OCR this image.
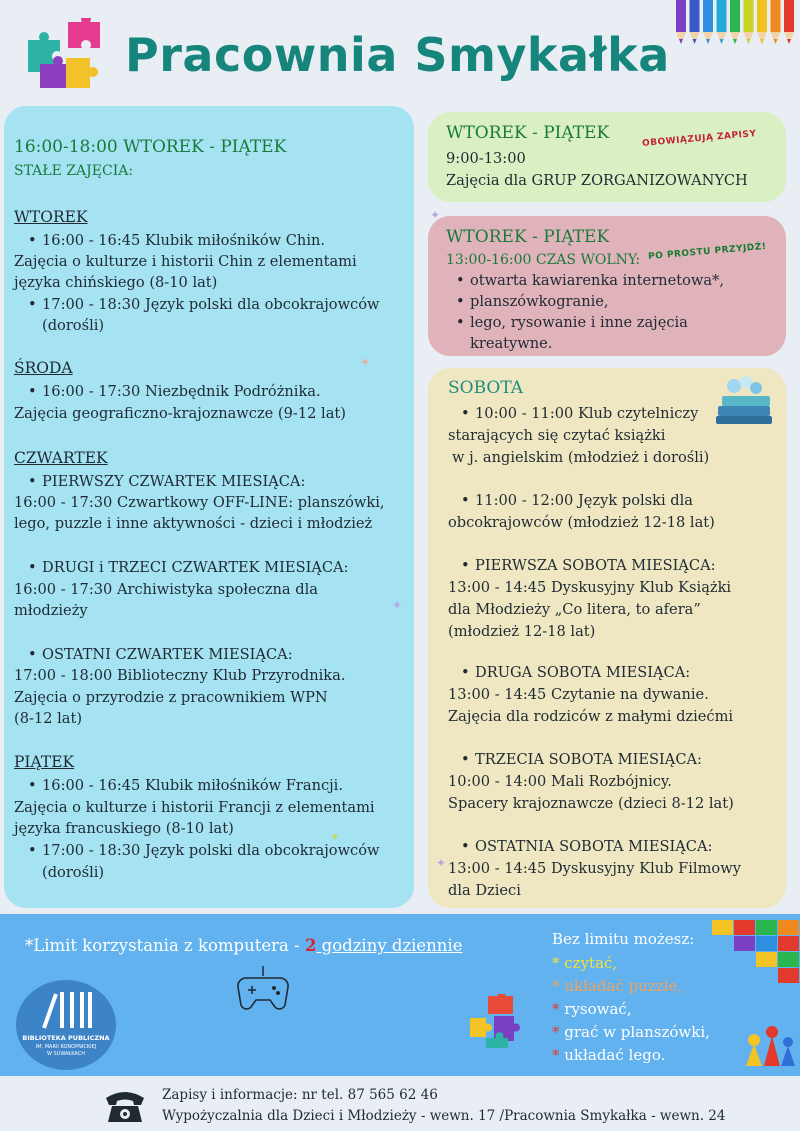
Pracownia Smykałka
16:00-18:00 WTOREK - PIĄTEK
STAŁE ZAJĘCIA:
WTOREK
• 16:00 - 16:45 Klubik miłośników Chin.
Zajęcia o kulturze i historii Chin z elementami
języka chińskiego (8-10 lat)
• 17:00 - 18:30 Język polski dla obcokrajowców
(dorośli)
ŚRODA
• 16:00 - 17:30 Niezbędnik Podróżnika.
Zajęcia geograficzno-krajoznawcze (9-12 lat)
CZWARTEK
• PIERWSZY CZWARTEK MIESIĄCA:
16:00 - 17:30 Czwartkowy OFF-LINE: planszówki,
lego, puzzle i inne aktywności - dzieci i młodzież
• DRUGI i TRZECI CZWARTEK MIESIĄCA:
16:00 - 17:30 Archiwistyka społeczna dla
młodzieży
• OSTATNI CZWARTEK MIESIĄCA:
17:00 - 18:00 Biblioteczny Klub Przyrodnika.
Zajęcia o przyrodzie z pracownikiem WPN
(8-12 lat)
PIĄTEK
• 16:00 - 16:45 Klubik miłośników Francji.
Zajęcia o kulturze i historii Francji z elementami
języka francuskiego (8-10 lat)
• 17:00 - 18:30 Język polski dla obcokrajowców
(dorośli)
WTOREK - PIĄTEK	OBOWIĄZUJĄ ZAPISY
9:00-13:00
Zajęcia dla GRUP ZORGANIZOWANYCH
WTOREK - PIĄTEK
13:00-16:00 CZAS WOLNY: PO PROSTU PRZYJDŹ!
• otwarta kawiarenka internetowa*,
• planszówkogranie,
• lego, rysowanie i inne zajęcia
kreatywne.
SOBOTA
• 10:00 - 11:00 Klub czytelniczy
starających się czytać książki
w j. angielskim (młodzież i dorośli)
• 11:00 - 12:00 Język polski dla
obcokrajowców (młodzież 12-18 lat)
• PIERWSZA SOBOTA MIESIĄCA:
13:00 - 14:45 Dyskusyjny Klub Książki
dla Młodzieży „Co litera, to afera”
(młodzież 12-18 lat)
• DRUGA SOBOTA MIESIĄCA:
13:00 - 14:45 Czytanie na dywanie.
Zajęcia dla rodziców z małymi dziećmi
• TRZECIA SOBOTA MIESIĄCA:
10:00 - 14:00 Mali Rozbójnicy.
Spacery krajoznawcze (dzieci 8-12 lat)
• OSTATNIA SOBOTA MIESIĄCA:
13:00 - 14:45 Dyskusyjny Klub Filmowy
dla Dzieci
✦
✦
✦
✦
✦
*Limit korzystania z komputera - 2 godziny dziennie
BIBLIOTEKA PUBLICZNA
IM. MARII KONOPNICKIEJ
W SUWAŁKACH
Bez limitu możesz:
* czytać,
* układać puzzle,
* rysować,
* grać w planszówki,
* układać lego.
Zapisy i informacje: nr tel. 87 565 62 46
Wypożyczalnia dla Dzieci i Młodzieży - wewn. 17 /Pracownia Smykałka - wewn. 24
